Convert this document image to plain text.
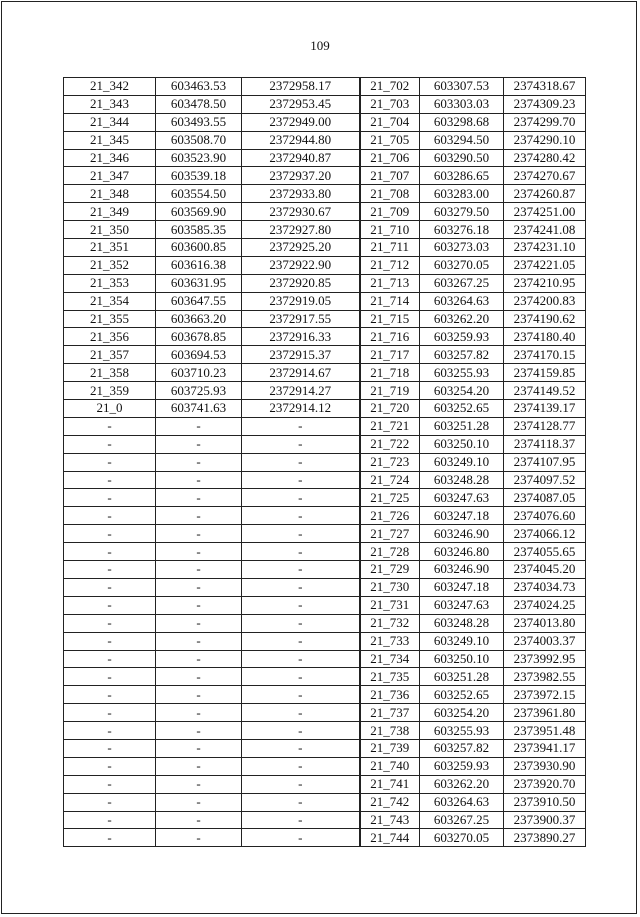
109
21_342	603463.53	2372958.17	21_702	603307.53	2374318.67
21_343	603478.50	2372953.45	21_703	603303.03	2374309.23
21_344	603493.55	2372949.00	21_704	603298.68	2374299.70
21_345	603508.70	2372944.80	21_705	603294.50	2374290.10
21_346	603523.90	2372940.87	21_706	603290.50	2374280.42
21_347	603539.18	2372937.20	21_707	603286.65	2374270.67
21_348	603554.50	2372933.80	21_708	603283.00	2374260.87
21_349	603569.90	2372930.67	21_709	603279.50	2374251.00
21_350	603585.35	2372927.80	21_710	603276.18	2374241.08
21_351	603600.85	2372925.20	21_711	603273.03	2374231.10
21_352	603616.38	2372922.90	21_712	603270.05	2374221.05
21_353	603631.95	2372920.85	21_713	603267.25	2374210.95
21_354	603647.55	2372919.05	21_714	603264.63	2374200.83
21_355	603663.20	2372917.55	21_715	603262.20	2374190.62
21_356	603678.85	2372916.33	21_716	603259.93	2374180.40
21_357	603694.53	2372915.37	21_717	603257.82	2374170.15
21_358	603710.23	2372914.67	21_718	603255.93	2374159.85
21_359	603725.93	2372914.27	21_719	603254.20	2374149.52
21_0	603741.63	2372914.12	21_720	603252.65	2374139.17
-	-	-	21_721	603251.28	2374128.77
-	-	-	21_722	603250.10	2374118.37
-	-	-	21_723	603249.10	2374107.95
-	-	-	21_724	603248.28	2374097.52
-	-	-	21_725	603247.63	2374087.05
-	-	-	21_726	603247.18	2374076.60
-	-	-	21_727	603246.90	2374066.12
-	-	-	21_728	603246.80	2374055.65
-	-	-	21_729	603246.90	2374045.20
-	-	-	21_730	603247.18	2374034.73
-	-	-	21_731	603247.63	2374024.25
-	-	-	21_732	603248.28	2374013.80
-	-	-	21_733	603249.10	2374003.37
-	-	-	21_734	603250.10	2373992.95
-	-	-	21_735	603251.28	2373982.55
-	-	-	21_736	603252.65	2373972.15
-	-	-	21_737	603254.20	2373961.80
-	-	-	21_738	603255.93	2373951.48
-	-	-	21_739	603257.82	2373941.17
-	-	-	21_740	603259.93	2373930.90
-	-	-	21_741	603262.20	2373920.70
-	-	-	21_742	603264.63	2373910.50
-	-	-	21_743	603267.25	2373900.37
-	-	-	21_744	603270.05	2373890.27
